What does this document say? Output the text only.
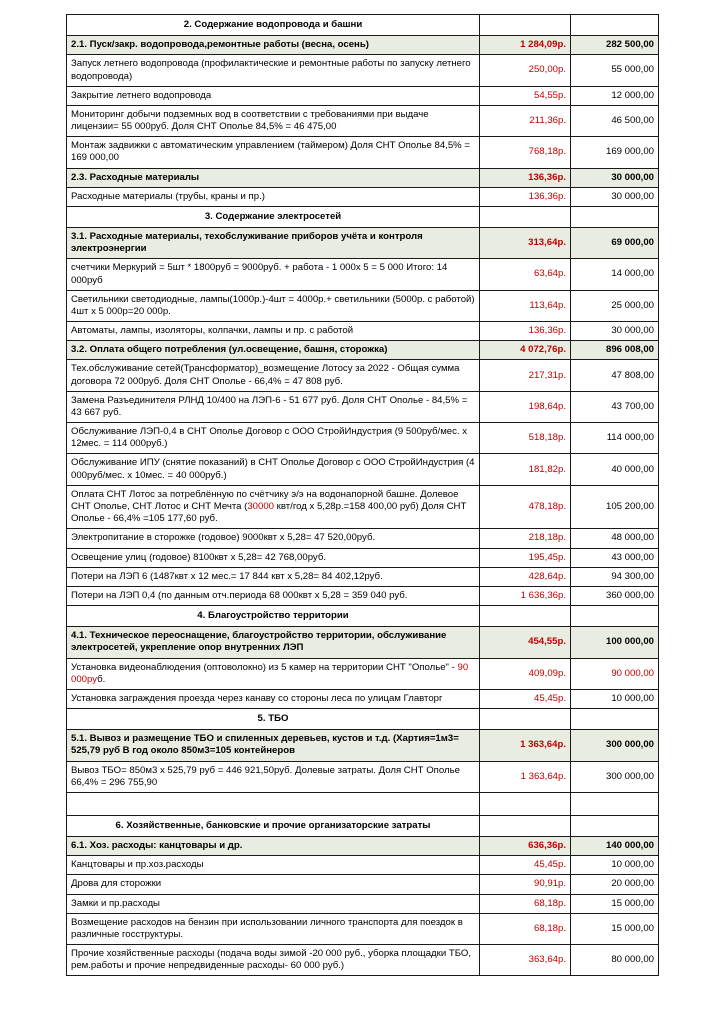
2. Содержание водопровода и башни		
2.1. Пуск/закр. водопровода,ремонтные работы (весна, осень)	1 284,09р.	282 500,00
Запуск летнего водопровода (профилактические и ремонтные работы по запуску летнего водопровода)	250,00р.	55 000,00
Закрытие летнего водопровода	54,55р.	12 000,00
Мониторинг добычи подземных вод в соответствии с требованиями при выдаче лицензии= 55 000руб. Доля СНТ Ополье 84,5% = 46 475,00	211,36р.	46 500,00
Монтаж задвижки с автоматическим управлением (таймером) Доля СНТ Ополье 84,5% = 169 000,00	768,18р.	169 000,00
2.3. Расходные материалы	136,36р.	30 000,00
Расходные материалы (трубы, краны и пр.)	136,36р.	30 000,00
3. Содержание электросетей		
3.1. Расходные материалы, техобслуживание приборов учёта и контроля электроэнергии	313,64р.	69 000,00
счетчики Меркурий = 5шт * 1800руб = 9000руб. + работа - 1 000х 5 = 5 000 Итого: 14 000руб	63,64р.	14 000,00
Светильники светодиодные, лампы(1000р.)-4шт = 4000р.+ светильники (5000р. с работой) 4шт х 5 000р=20 000р.	113,64р.	25 000,00
Автоматы, лампы, изоляторы, колпачки, лампы и пр. с работой	136,36р.	30 000,00
3.2. Оплата общего потребления (ул.освещение, башня, сторожка)	4 072,76р.	896 008,00
Тех.обслуживание сетей(Трансформатор)_возмещение Лотосу за 2022 - Общая сумма договора 72 000руб. Доля СНТ Ополье - 66,4% = 47 808 руб.	217,31р.	47 808,00
Замена Разъединителя РЛНД 10/400 на ЛЭП-6 - 51 677 руб. Доля СНТ Ополье - 84,5% = 43 667 руб.	198,64р.	43 700,00
Обслуживание ЛЭП-0,4 в СНТ Ополье Договор с ООО СтройИндустрия (9 500руб/мес. х 12мес. = 114 000руб.)	518,18р.	114 000,00
Обслуживание ИПУ (снятие показаний) в СНТ Ополье Договор с ООО СтройИндустрия (4 000руб/мес. х 10мес. = 40 000руб.)	181,82р.	40 000,00
Оплата СНТ Лотос за потреблённую по счётчику э/э на водонапорной башне. Долевое СНТ Ополье, СНТ Лотос и СНТ Мечта (30000 квт/год х 5,28р.=158 400,00 руб) Доля СНТ Ополье - 66,4% =105 177,60 руб.	478,18р.	105 200,00
Электропитание в сторожке (годовое) 9000квт х 5,28= 47 520,00руб.	218,18р.	48 000,00
Освещение улиц (годовое) 8100квт х 5,28= 42 768,00руб.	195,45р.	43 000,00
Потери на ЛЭП 6 (1487квт х 12 мес.= 17 844 квт х 5,28= 84 402,12руб.	428,64р.	94 300,00
Потери на ЛЭП 0,4 (по данным отч.периода 68 000квт х 5,28 = 359 040 руб.	1 636,36р.	360 000,00
4. Благоустройство территории		
4.1. Техническое переоснащение, благоустройство территории, обслуживание электросетей, укрепление опор внутренних ЛЭП	454,55р.	100 000,00
Установка видеонаблюдения (оптоволокно) из 5 камер на территории СНТ "Ополье" - 90 000руб.	409,09р.	90 000,00
Установка заграждения проезда через канаву со стороны леса по улицам Главторг	45,45р.	10 000,00
5. ТБО		
5.1. Вывоз и размещение ТБО и спиленных деревьев, кустов и т.д. (Хартия=1м3= 525,79 руб В год около 850м3=105 контейнеров	1 363,64р.	300 000,00
Вывоз ТБО= 850м3 х 525,79 руб = 446 921,50руб. Долевые затраты. Доля СНТ Ополье 66,4% = 296 755,90	1 363,64р.	300 000,00

6. Хозяйственные, банковские и прочие организаторские затраты		
6.1. Хоз. расходы: канцтовары и др.	636,36р.	140 000,00
Канцтовары и пр.хоз.расходы	45,45р.	10 000,00
Дрова для сторожки	90,91р.	20 000,00
Замки и пр.расходы	68,18р.	15 000,00
Возмещение расходов на бензин при использовании личного транспорта для поездок в различные госструктуры.	68,18р.	15 000,00
Прочие хозяйственные расходы (подача воды зимой -20 000 руб., уборка площадки ТБО, рем.работы и прочие непредвиденные расходы- 60 000 руб.)	363,64р.	80 000,00
